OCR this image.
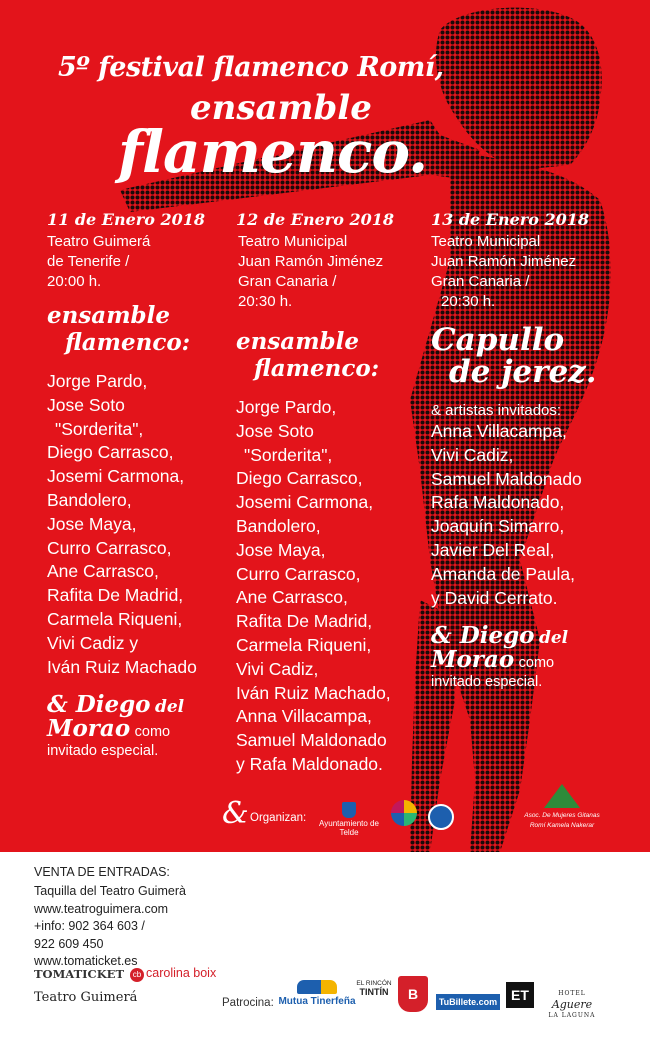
5º festival flamenco Romí,
ensamble
flamenco.
11 de Enero 2018
Teatro Guimerá
de Tenerife /
20:00 h.
ensamble
flamenco:
Jorge Pardo,
Jose Soto
"Sorderita",
Diego Carrasco,
Josemi Carmona,
Bandolero,
Jose Maya,
Curro Carrasco,
Ane Carrasco,
Rafita De Madrid,
Carmela Riqueni,
Vivi Cadiz y
Iván Ruiz Machado
& Diego del
Morao como
invitado especial.
12 de Enero 2018
Teatro Municipal
Juan Ramón Jiménez
Gran Canaria /
20:30 h.
ensamble
flamenco:
Jorge Pardo,
Jose Soto
"Sorderita",
Diego Carrasco,
Josemi Carmona,
Bandolero,
Jose Maya,
Curro Carrasco,
Ane Carrasco,
Rafita De Madrid,
Carmela Riqueni,
Vivi Cadiz,
Iván Ruiz Machado,
Anna Villacampa,
Samuel Maldonado
y Rafa Maldonado.
13 de Enero 2018
Teatro Municipal
Juan Ramón Jiménez
Gran Canaria /
20:30 h.
Capullo
de jerez.
& artistas invitados:
Anna Villacampa,
Vivi Cadiz,
Samuel Maldonado
Rafa Maldonado,
Joaquín Simarro,
Javier Del Real,
Amanda de Paula,
y David Cerrato.
& Diego del
Morao como
invitado especial.
& Organizan:	Ayuntamiento de Telde
Asoc. De Mujeres Gitanas Romí Kamela Nakerar
VENTA DE ENTRADAS:
Taquilla del Teatro Guimerà
www.teatroguimera.com
+info: 902 364 603 /
922 609 450
www.tomaticket.es
TOMATICKET	cb carolina boix
Teatro Guimerá	Patrocina: Mutua Tinerfeña
EL RINCÓN
TINTÍN	B	TuBillete.com ET	HOTEL
Aguere
LA LAGUNA
